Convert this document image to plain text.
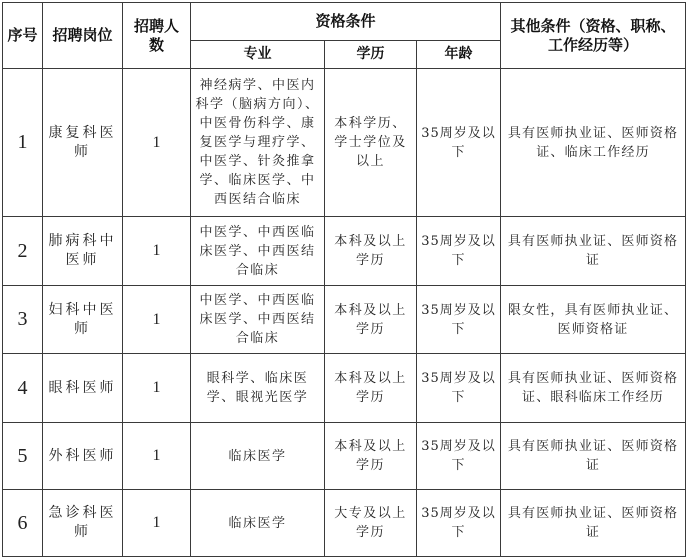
序号	招聘岗位	招聘人数	资格条件			其他条件（资格、职称、工作经历等）
			专业	学历	年龄	
1	康复科医师	1	神经病学、中医内科学（脑病方向）、中医骨伤科学、康复医学与理疗学、中医学、针灸推拿学、临床医学、中西医结合临床	本科学历、学士学位及以上	35周岁及以下	具有医师执业证、医师资格证、临床工作经历
2	肺病科中医师	1	中医学、中西医临床医学、中西医结合临床	本科及以上学历	35周岁及以下	具有医师执业证、医师资格证
3	妇科中医师	1	中医学、中西医临床医学、中西医结合临床	本科及以上学历	35周岁及以下	限女性，具有医师执业证、医师资格证
4	眼科医师	1	眼科学、临床医学、眼视光医学	本科及以上学历	35周岁及以下	具有医师执业证、医师资格证、眼科临床工作经历
5	外科医师	1	临床医学	本科及以上学历	35周岁及以下	具有医师执业证、医师资格证
6	急诊科医师	1	临床医学	大专及以上学历	35周岁及以下	具有医师执业证、医师资格证
